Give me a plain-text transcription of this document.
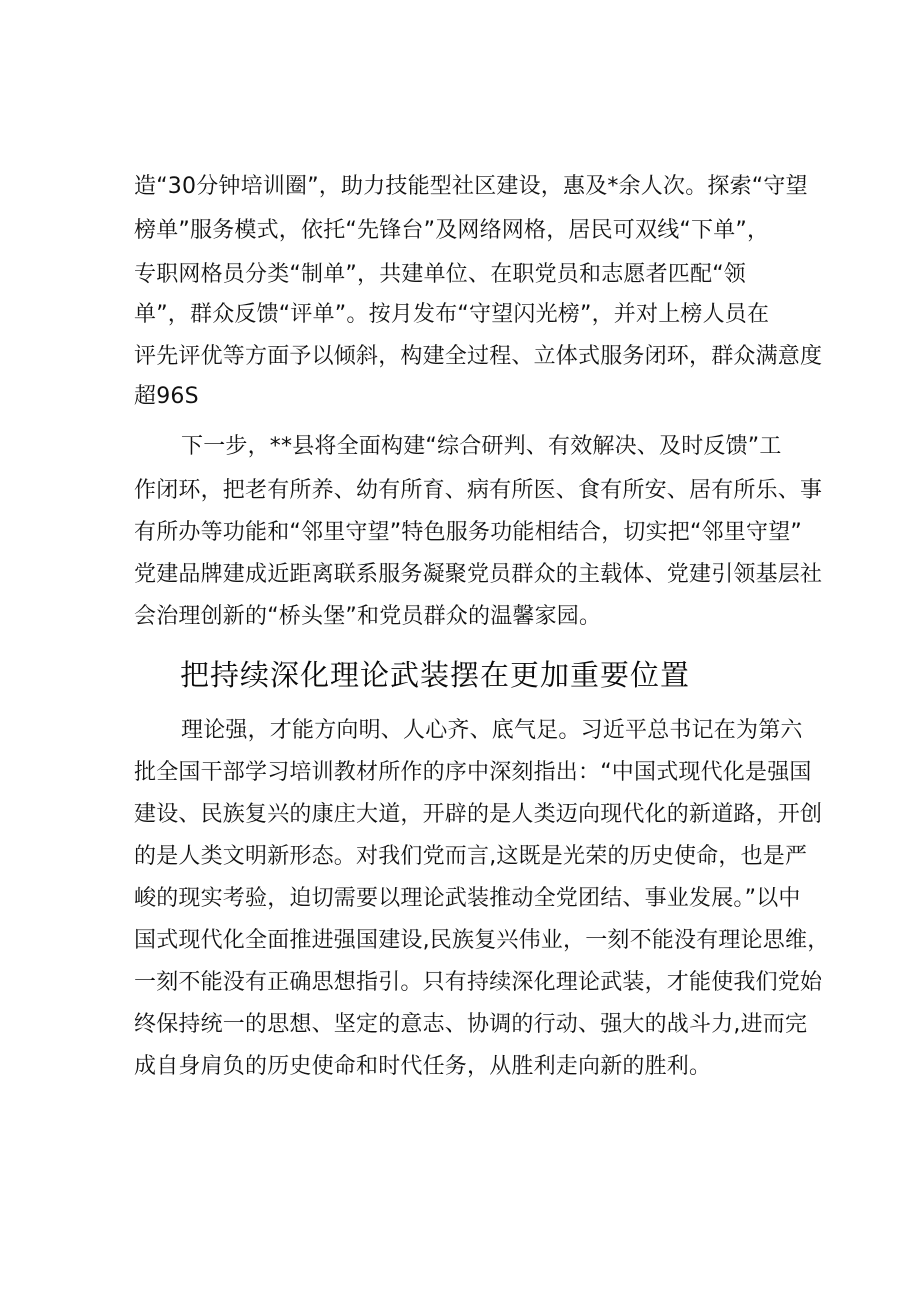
造“30分钟培训圈”，助力技能型社区建设，惠及*余人次。探索“守望
榜单”服务模式，依托“先锋台”及网络网格，居民可双线“下单”，
专职网格员分类“制单”，共建单位、在职党员和志愿者匹配“领
单”，群众反馈“评单”。按月发布“守望闪光榜”，并对上榜人员在
评先评优等方面予以倾斜，构建全过程、立体式服务闭环，群众满意度
超96S
下一步，**县将全面构建“综合研判、有效解决、及时反馈”工
作闭环，把老有所养、幼有所育、病有所医、食有所安、居有所乐、事
有所办等功能和“邻里守望”特色服务功能相结合，切实把“邻里守望”
党建品牌建成近距离联系服务凝聚党员群众的主载体、党建引领基层社
会治理创新的“桥头堡”和党员群众的温馨家园。
把持续深化理论武装摆在更加重要位置
理论强，才能方向明、人心齐、底气足。习近平总书记在为第六
批全国干部学习培训教材所作的序中深刻指出：“中国式现代化是强国
建设、民族复兴的康庄大道，开辟的是人类迈向现代化的新道路，开创
的是人类文明新形态。对我们党而言,这既是光荣的历史使命，也是严
峻的现实考验，迫切需要以理论武装推动全党团结、事业发展。”以中
国式现代化全面推进强国建设,民族复兴伟业，一刻不能没有理论思维，
一刻不能没有正确思想指引。只有持续深化理论武装，才能使我们党始
终保持统一的思想、坚定的意志、协调的行动、强大的战斗力,进而完
成自身肩负的历史使命和时代任务，从胜利走向新的胜利。
